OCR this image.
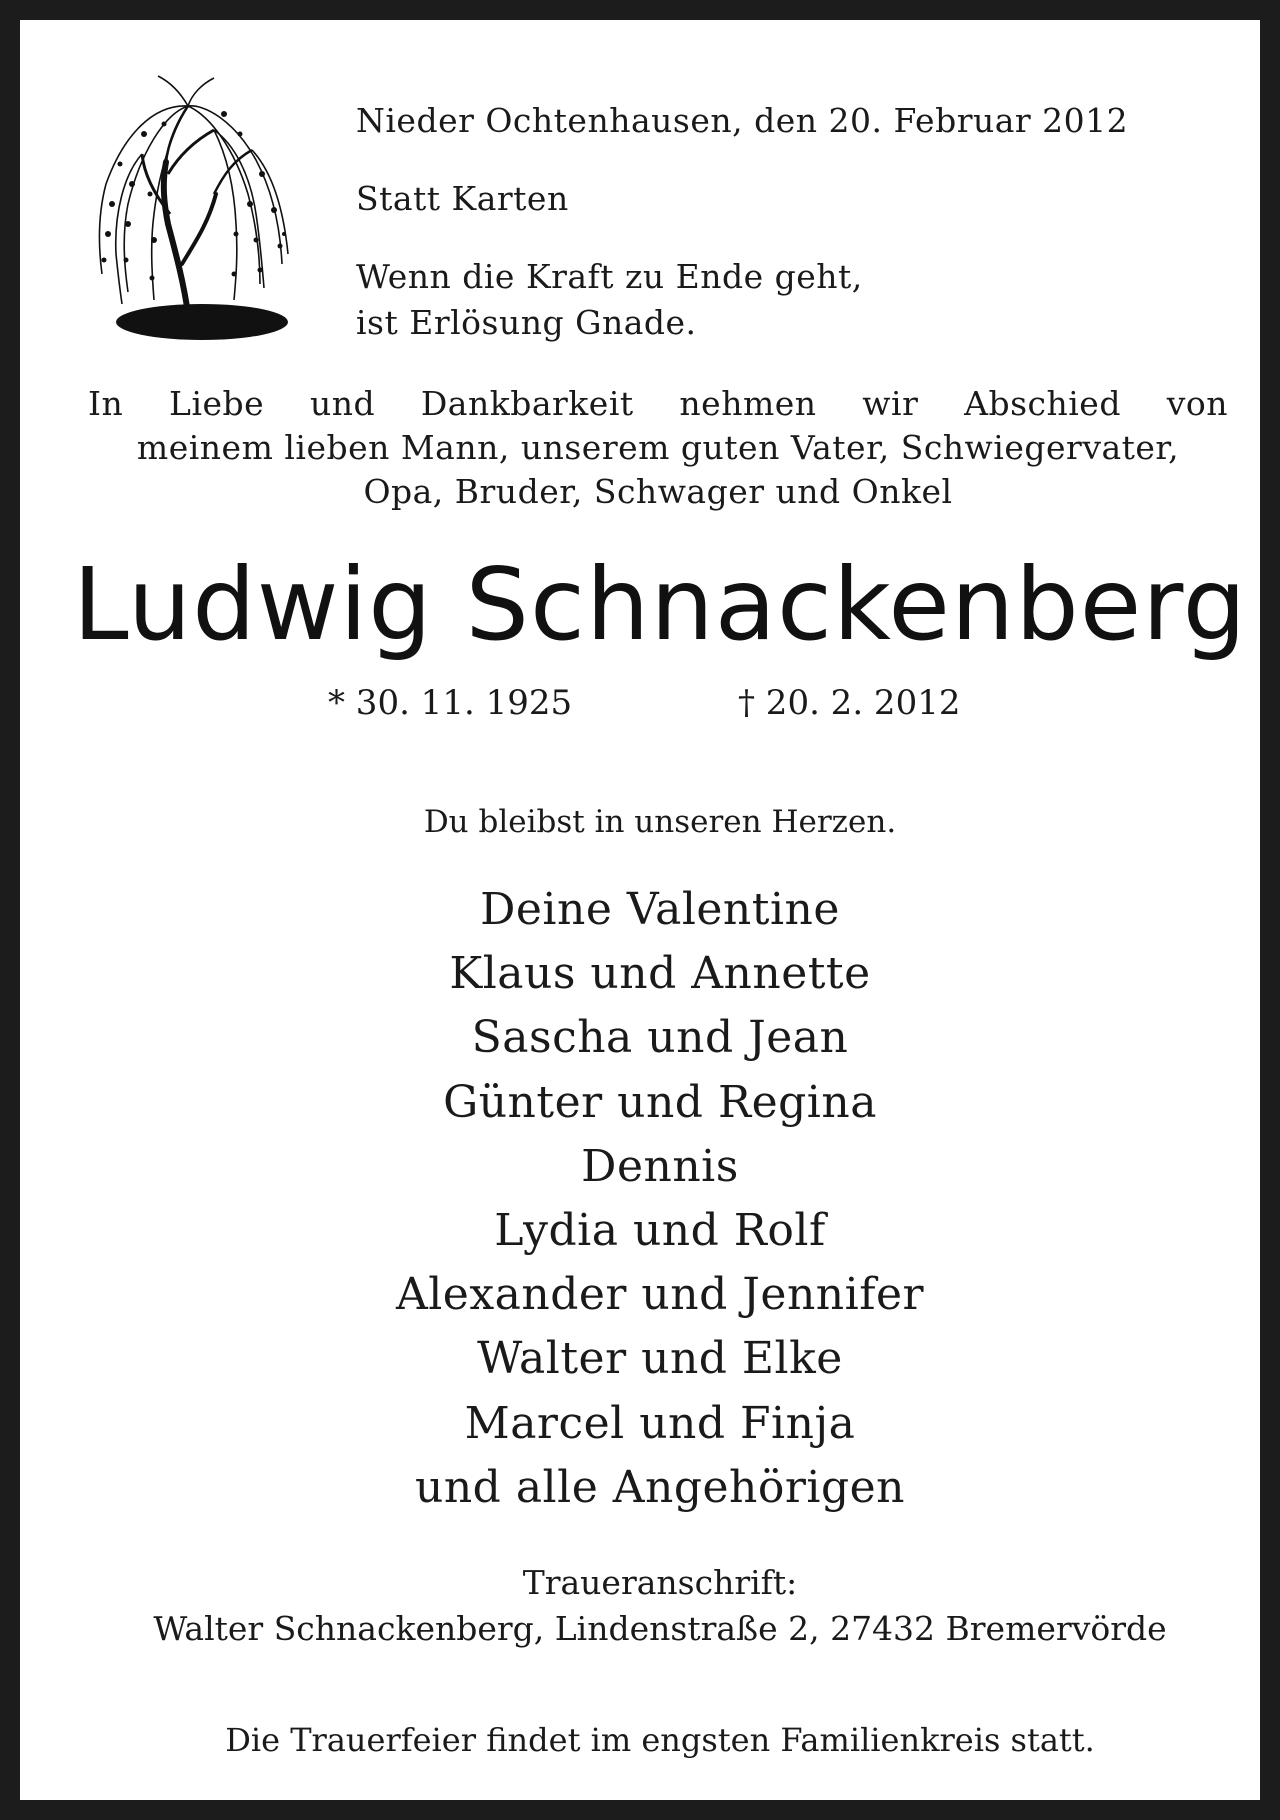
Nieder Ochtenhausen, den 20. Februar 2012
Statt Karten
Wenn die Kraft zu Ende geht,
ist Erlösung Gnade.
In Liebe und Dankbarkeit nehmen wir Abschied von
meinem lieben Mann, unserem guten Vater, Schwiegervater,
Opa, Bruder, Schwager und Onkel
Ludwig Schnackenberg
* 30. 11. 1925	† 20. 2. 2012
Du bleibst in unseren Herzen.
Deine Valentine
Klaus und Annette
Sascha und Jean
Günter und Regina
Dennis
Lydia und Rolf
Alexander und Jennifer
Walter und Elke
Marcel und Finja
und alle Angehörigen
Traueranschrift:
Walter Schnackenberg, Lindenstraße 2, 27432 Bremervörde
Die Trauerfeier findet im engsten Familienkreis statt.
